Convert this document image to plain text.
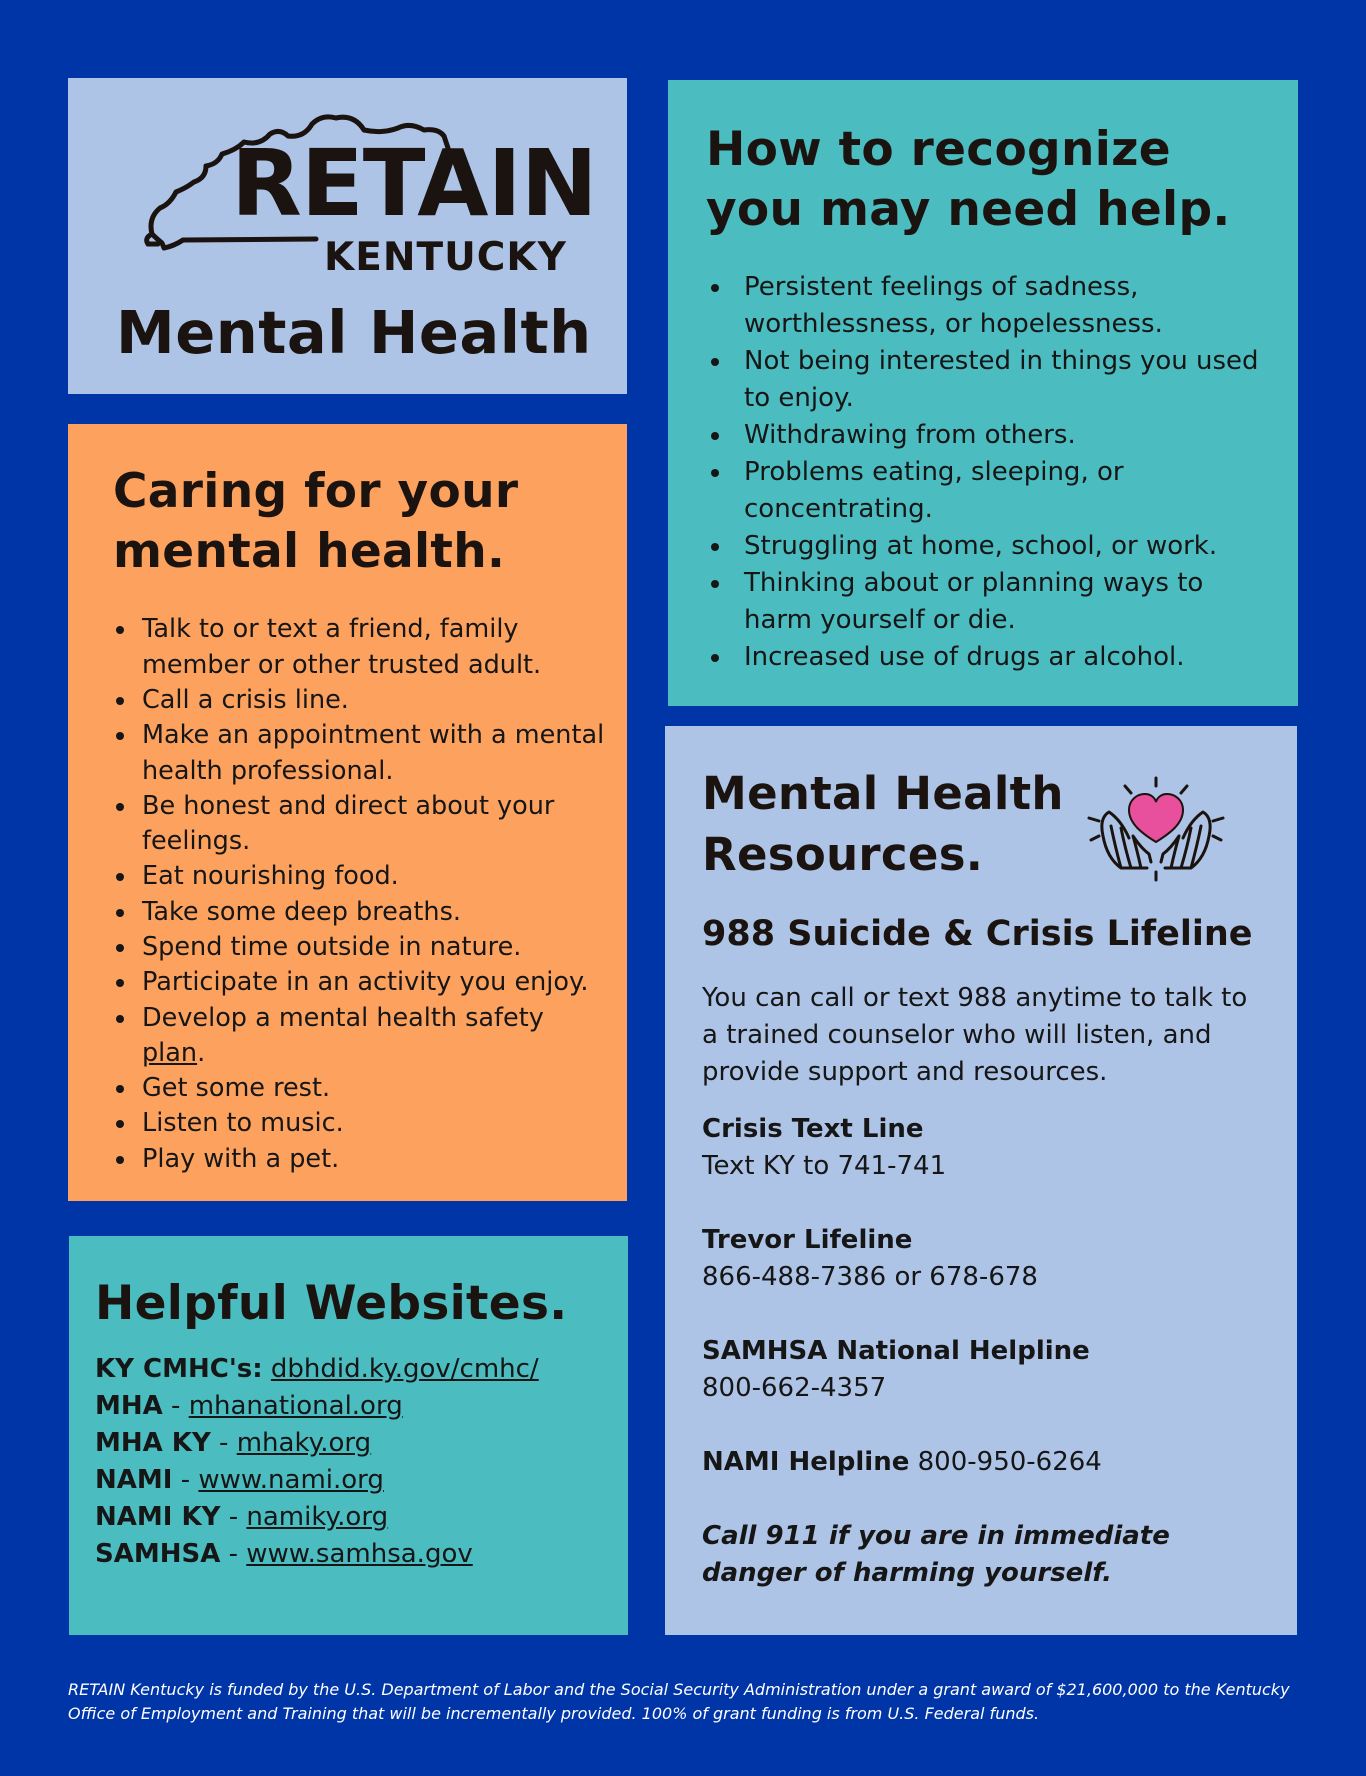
RETAIN

KENTUCKY

Mental Health

How to recognize
you may need help.
Persistent feelings of sadness, worthlessness, or hopelessness.
Not being interested in things you used to enjoy.
Withdrawing from others.
Problems eating, sleeping, or concentrating.
Struggling at home, school, or work.
Thinking about or planning ways to harm yourself or die.
Increased use of drugs ar alcohol.
Caring for your
mental health.
Talk to or text a friend, family member or other trusted adult.
Call a crisis line.
Make an appointment with a mental health professional.
Be honest and direct about your feelings.
Eat nourishing food.
Take some deep breaths.
Spend time outside in nature.
Participate in an activity you enjoy.
Develop a mental health safety plan.
Get some rest.
Listen to music.
Play with a pet.
Mental Health
Resources.

988 Suicide & Crisis Lifeline

You can call or text 988 anytime to talk to a trained counselor who will listen, and provide support and resources.

Crisis Text Line
Text KY to 741-741

Trevor Lifeline
866-488-7386 or 678-678

SAMHSA National Helpline
800-662-4357

NAMI Helpline 800-950-6264

Call 911 if you are in immediate danger of harming yourself.

Helpful Websites.

KY CMHC's: dbhdid.ky.gov/cmhc/

MHA - mhanational.org

MHA KY - mhaky.org

NAMI - www.nami.org

NAMI KY - namiky.org

SAMHSA - www.samhsa.gov

RETAIN Kentucky is funded by the U.S. Department of Labor and the Social Security Administration under a grant award of $21,600,000 to the Kentucky Office of Employment and Training that will be incrementally provided. 100% of grant funding is from U.S. Federal funds.
